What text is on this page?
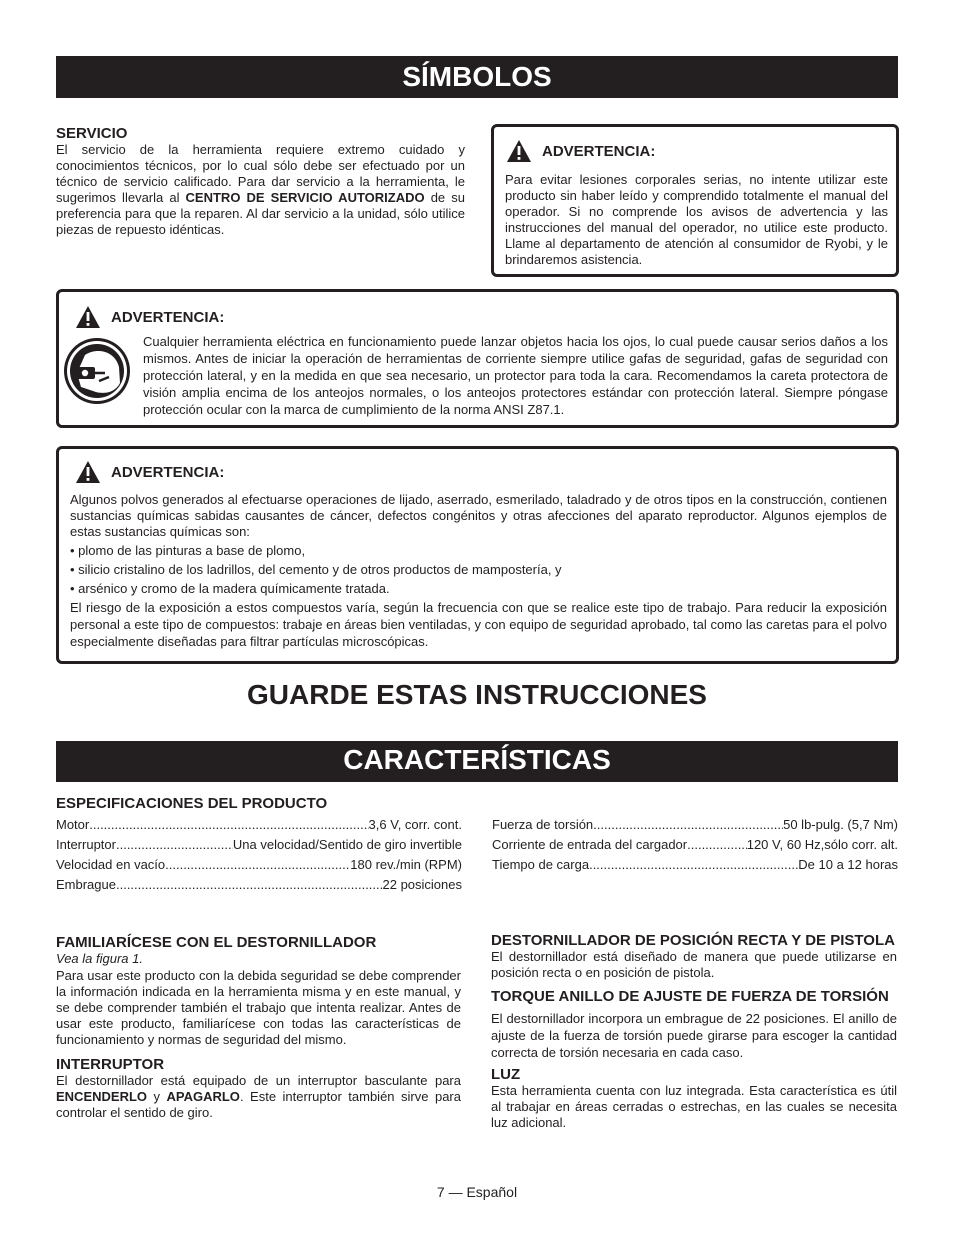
SÍMBOLOS
SERVICIO
El servicio de la herramienta requiere extremo cuidado y conocimientos técnicos, por lo cual sólo debe ser efectuado por un técnico de servicio calificado. Para dar servicio a la herramienta, le sugerimos llevarla al CENTRO DE SERVICIO AUTORIZADO de su preferencia para que la reparen. Al dar servicio a la unidad, sólo utilice piezas de repuesto idénticas.
ADVERTENCIA:
Para evitar lesiones corporales serias, no intente utilizar este producto sin haber leído y comprendido totalmente el manual del operador. Si no comprende los avisos de advertencia y las instrucciones del manual del operador, no utilice este producto. Llame al departamento de atención al consumidor de Ryobi, y le brindaremos asistencia.
ADVERTENCIA:
Cualquier herramienta eléctrica en funcionamiento puede lanzar objetos hacia los ojos, lo cual puede causar serios daños a los mismos. Antes de iniciar la operación de herramientas de corriente siempre utilice gafas de seguridad, gafas de seguridad con protección lateral, y en la medida en que sea necesario, un protector para toda la cara. Recomendamos la careta protectora de visión amplia encima de los anteojos normales, o los anteojos protectores estándar con protección lateral. Siempre póngase protección ocular con la marca de cumplimiento de la norma ANSI Z87.1.
ADVERTENCIA:
Algunos polvos generados al efectuarse operaciones de lijado, aserrado, esmerilado, taladrado y de otros tipos en la construcción, contienen sustancias químicas sabidas causantes de cáncer, defectos congénitos y otras afecciones del aparato reproductor. Algunos ejemplos de estas sustancias químicas son:
• plomo de las pinturas a base de plomo,
• silicio cristalino de los ladrillos, del cemento y de otros productos de mampostería, y
• arsénico y cromo de la madera químicamente tratada.
El riesgo de la exposición a estos compuestos varía, según la frecuencia con que se realice este tipo de trabajo. Para reducir la exposición personal a este tipo de compuestos: trabaje en áreas bien ventiladas, y con equipo de seguridad aprobado, tal como las caretas para el polvo especialmente diseñadas para filtrar partículas microscópicas.
GUARDE ESTAS INSTRUCCIONES
CARACTERÍSTICAS
ESPECIFICACIONES DEL PRODUCTO
Motor .....	3,6 V, corr. cont.
Interruptor .....	Una velocidad/Sentido de giro invertible
Velocidad en vacío .....	180 rev./min (RPM)
Embrague .....	22 posiciones
Fuerza de torsión .....	50 lb-pulg. (5,7 Nm)
Corriente de entrada del cargador .....	120 V, 60 Hz,sólo corr. alt.
Tiempo de carga .....	De 10 a 12 horas
FAMILIARÍCESE CON EL DESTORNILLADOR
Vea la figura 1.
Para usar este producto con la debida seguridad se debe comprender la información indicada en la herramienta misma y en este manual, y se debe comprender también el trabajo que intenta realizar. Antes de usar este producto, familiarícese con todas las características de funcionamiento y normas de seguridad del mismo.
INTERRUPTOR
El destornillador está equipado de un interruptor basculante para ENCENDERLO y APAGARLO. Este interruptor también sirve para controlar el sentido de giro.
DESTORNILLADOR DE POSICIÓN RECTA Y DE PISTOLA
El destornillador está diseñado de manera que puede utilizarse en posición recta o en posición de pistola.
TORQUE ANILLO DE AJUSTE DE FUERZA DE TORSIÓN
El destornillador incorpora un embrague de 22 posiciones. El anillo de ajuste de la fuerza de torsión puede girarse para escoger la cantidad correcta de torsión necesaria en cada caso.
LUZ
Esta herramienta cuenta con luz integrada. Esta característica es útil al trabajar en áreas cerradas o estrechas, en las cuales se necesita luz adicional.
7 — Español
